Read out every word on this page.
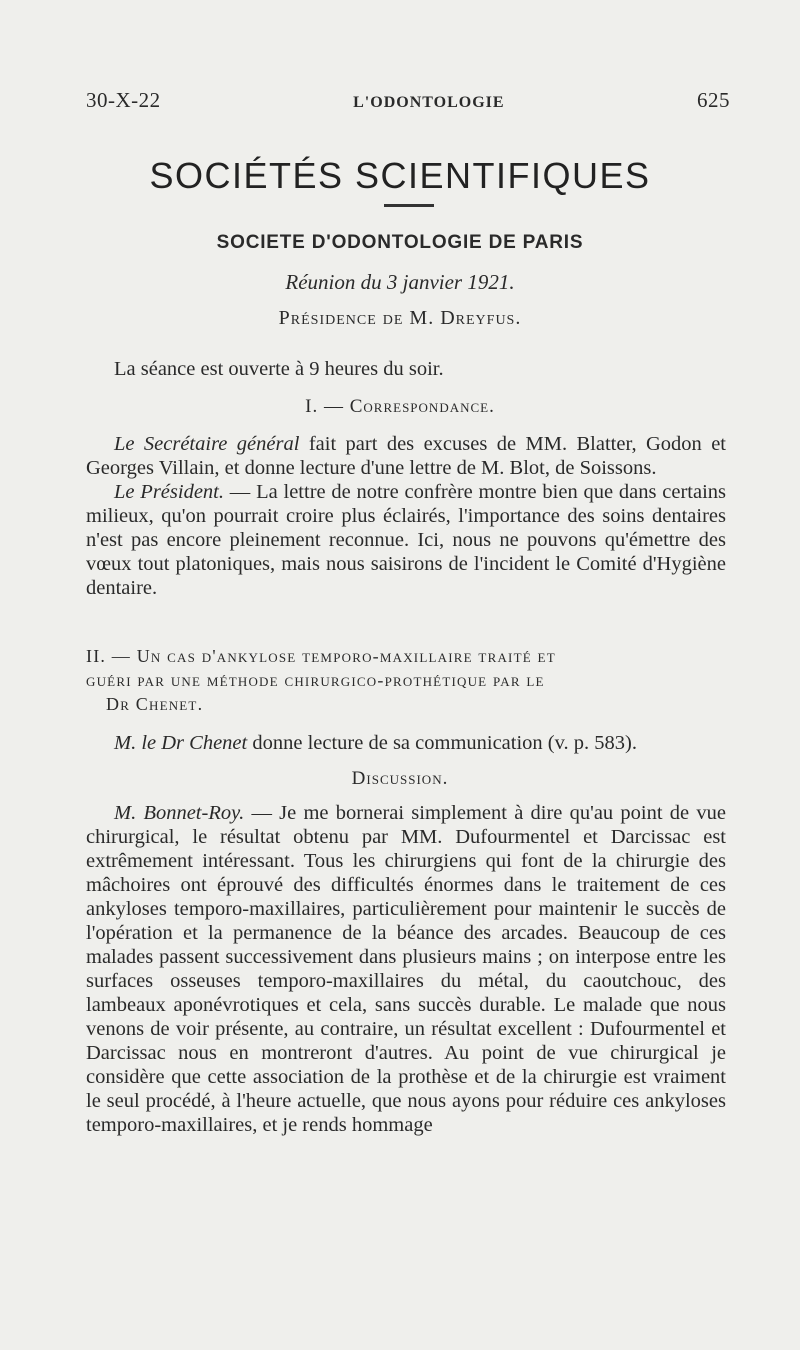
30-X-22	L'ODONTOLOGIE	625
SOCIÉTÉS SCIENTIFIQUES
SOCIETE D'ODONTOLOGIE DE PARIS
Réunion du 3 janvier 1921.
Présidence de M. Dreyfus.

La séance est ouverte à 9 heures du soir.

I. — Correspondance.

Le Secrétaire général fait part des excuses de MM. Blatter, Godon et Georges Villain, et donne lecture d'une lettre de M. Blot, de Soissons.

Le Président. — La lettre de notre confrère montre bien que dans certains milieux, qu'on pourrait croire plus éclairés, l'importance des soins dentaires n'est pas encore pleinement reconnue. Ici, nous ne pouvons qu'émettre des vœux tout platoniques, mais nous saisirons de l'incident le Comité d'Hygiène dentaire.

II. — Un cas d'ankylose temporo-maxillaire traité et
guéri par une méthode chirurgico-prothétique par le
Dr Chenet.

M. le Dr Chenet donne lecture de sa communication (v. p. 583).

Discussion.

M. Bonnet-Roy. — Je me bornerai simplement à dire qu'au point de vue chirurgical, le résultat obtenu par MM. Dufourmentel et Darcissac est extrêmement intéressant. Tous les chirurgiens qui font de la chirurgie des mâchoires ont éprouvé des difficultés énormes dans le traitement de ces ankyloses temporo-maxillaires, particulièrement pour maintenir le succès de l'opération et la permanence de la béance des arcades. Beaucoup de ces malades passent successivement dans plusieurs mains ; on interpose entre les surfaces osseuses temporo-maxillaires du métal, du caoutchouc, des lambeaux aponévrotiques et cela, sans succès durable. Le malade que nous venons de voir présente, au contraire, un résultat excellent : Dufourmentel et Darcissac nous en montreront d'autres. Au point de vue chirurgical je considère que cette association de la prothèse et de la chirurgie est vraiment le seul procédé, à l'heure actuelle, que nous ayons pour réduire ces ankyloses temporo-maxillaires, et je rends hommage
